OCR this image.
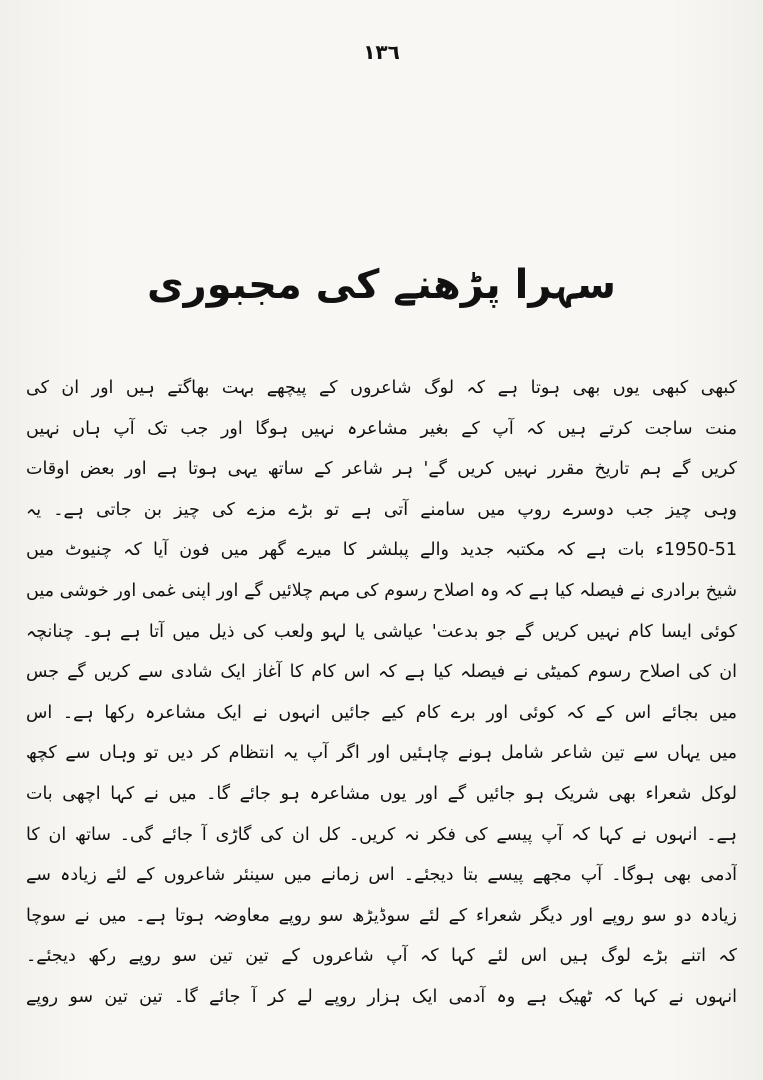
١٣٦
سہرا پڑھنے کی مجبوری
کبھی کبھی یوں بھی ہوتا ہے کہ لوگ شاعروں کے پیچھے بہت بھاگتے ہیں اور ان کی
منت ساجت کرتے ہیں کہ آپ کے بغیر مشاعرہ نہیں ہوگا اور جب تک آپ ہاں نہیں
کریں گے ہم تاریخ مقرر نہیں کریں گے' ہر شاعر کے ساتھ یہی ہوتا ہے اور بعض اوقات
وہی چیز جب دوسرے روپ میں سامنے آتی ہے تو بڑے مزے کی چیز بن جاتی ہے۔ یہ
1950-51ء بات ہے کہ مکتبہ جدید والے پبلشر کا میرے گھر میں فون آیا کہ چنیوٹ میں
شیخ برادری نے فیصلہ کیا ہے کہ وہ اصلاح رسوم کی مہم چلائیں گے اور اپنی غمی اور خوشی میں
کوئی ایسا کام نہیں کریں گے جو بدعت' عیاشی یا لہو ولعب کی ذیل میں آتا ہے ہو۔ چنانچہ
ان کی اصلاح رسوم کمیٹی نے فیصلہ کیا ہے کہ اس کام کا آغاز ایک شادی سے کریں گے جس
میں بجائے اس کے کہ کوئی اور برے کام کیے جائیں انہوں نے ایک مشاعرہ رکھا ہے۔ اس
میں یہاں سے تین شاعر شامل ہونے چاہئیں اور اگر آپ یہ انتظام کر دیں تو وہاں سے کچھ
لوکل شعراء بھی شریک ہو جائیں گے اور یوں مشاعرہ ہو جائے گا۔ میں نے کہا اچھی بات
ہے۔ انہوں نے کہا کہ آپ پیسے کی فکر نہ کریں۔ کل ان کی گاڑی آ جائے گی۔ ساتھ ان کا
آدمی بھی ہوگا۔ آپ مجھے پیسے بتا دیجئے۔ اس زمانے میں سینئر شاعروں کے لئے زیادہ سے
زیادہ دو سو روپے اور دیگر شعراء کے لئے سوڈیڑھ سو روپے معاوضہ ہوتا ہے۔ میں نے سوچا
کہ اتنے بڑے لوگ ہیں اس لئے کہا کہ آپ شاعروں کے تین تین سو روپے رکھ دیجئے۔
انہوں نے کہا کہ ٹھیک ہے وہ آدمی ایک ہزار روپے لے کر آ جائے گا۔ تین تین سو روپے
